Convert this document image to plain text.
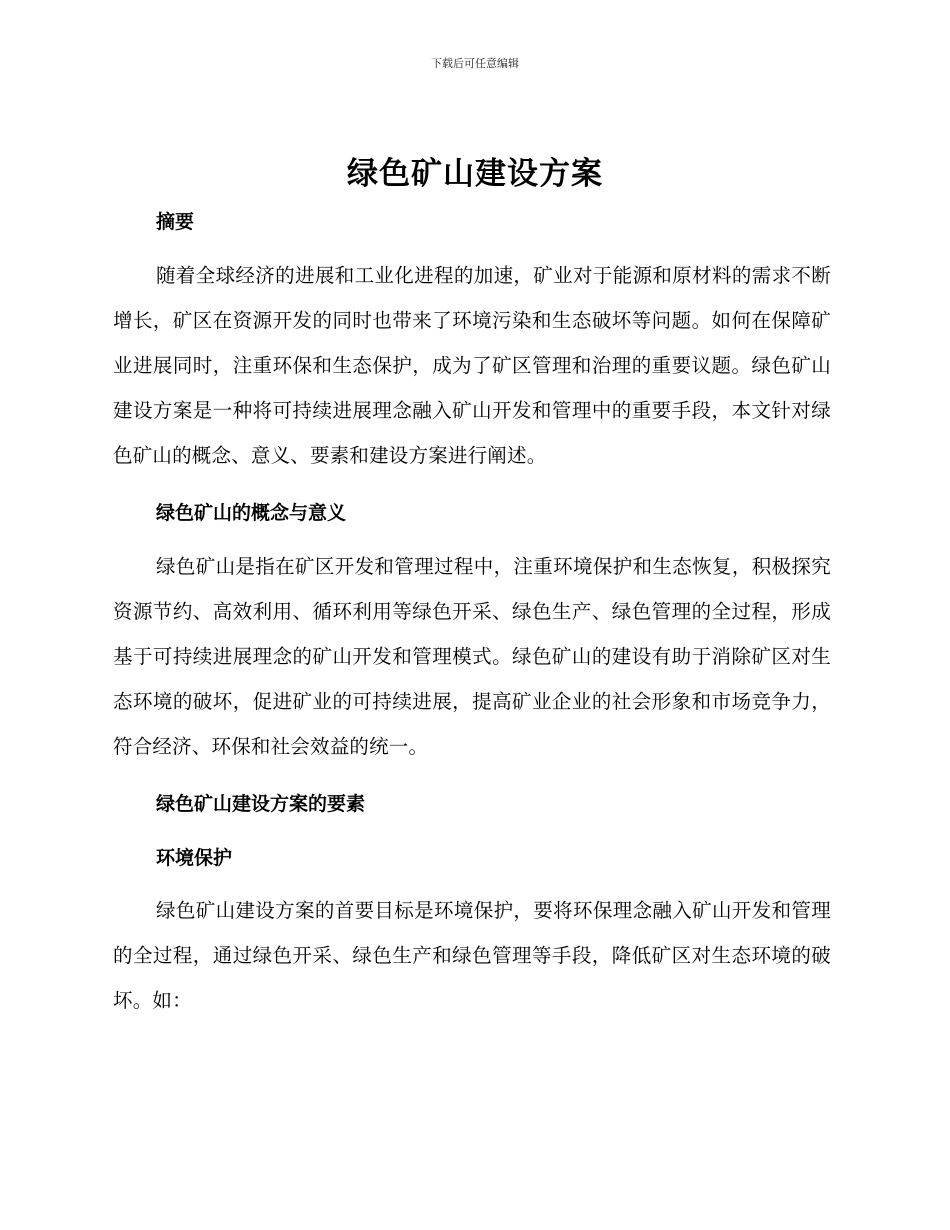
下载后可任意编辑
绿色矿山建设方案
摘要

随着全球经济的进展和工业化进程的加速，矿业对于能源和原材料的需求不断增长，矿区在资源开发的同时也带来了环境污染和生态破坏等问题。如何在保障矿业进展同时，注重环保和生态保护，成为了矿区管理和治理的重要议题。绿色矿山建设方案是一种将可持续进展理念融入矿山开发和管理中的重要手段，本文针对绿色矿山的概念、意义、要素和建设方案进行阐述。

绿色矿山的概念与意义

绿色矿山是指在矿区开发和管理过程中，注重环境保护和生态恢复，积极探究资源节约、高效利用、循环利用等绿色开采、绿色生产、绿色管理的全过程，形成基于可持续进展理念的矿山开发和管理模式。绿色矿山的建设有助于消除矿区对生态环境的破坏，促进矿业的可持续进展，提高矿业企业的社会形象和市场竞争力，符合经济、环保和社会效益的统一。

绿色矿山建设方案的要素
环境保护

绿色矿山建设方案的首要目标是环境保护，要将环保理念融入矿山开发和管理的全过程，通过绿色开采、绿色生产和绿色管理等手段，降低矿区对生态环境的破坏。如：
